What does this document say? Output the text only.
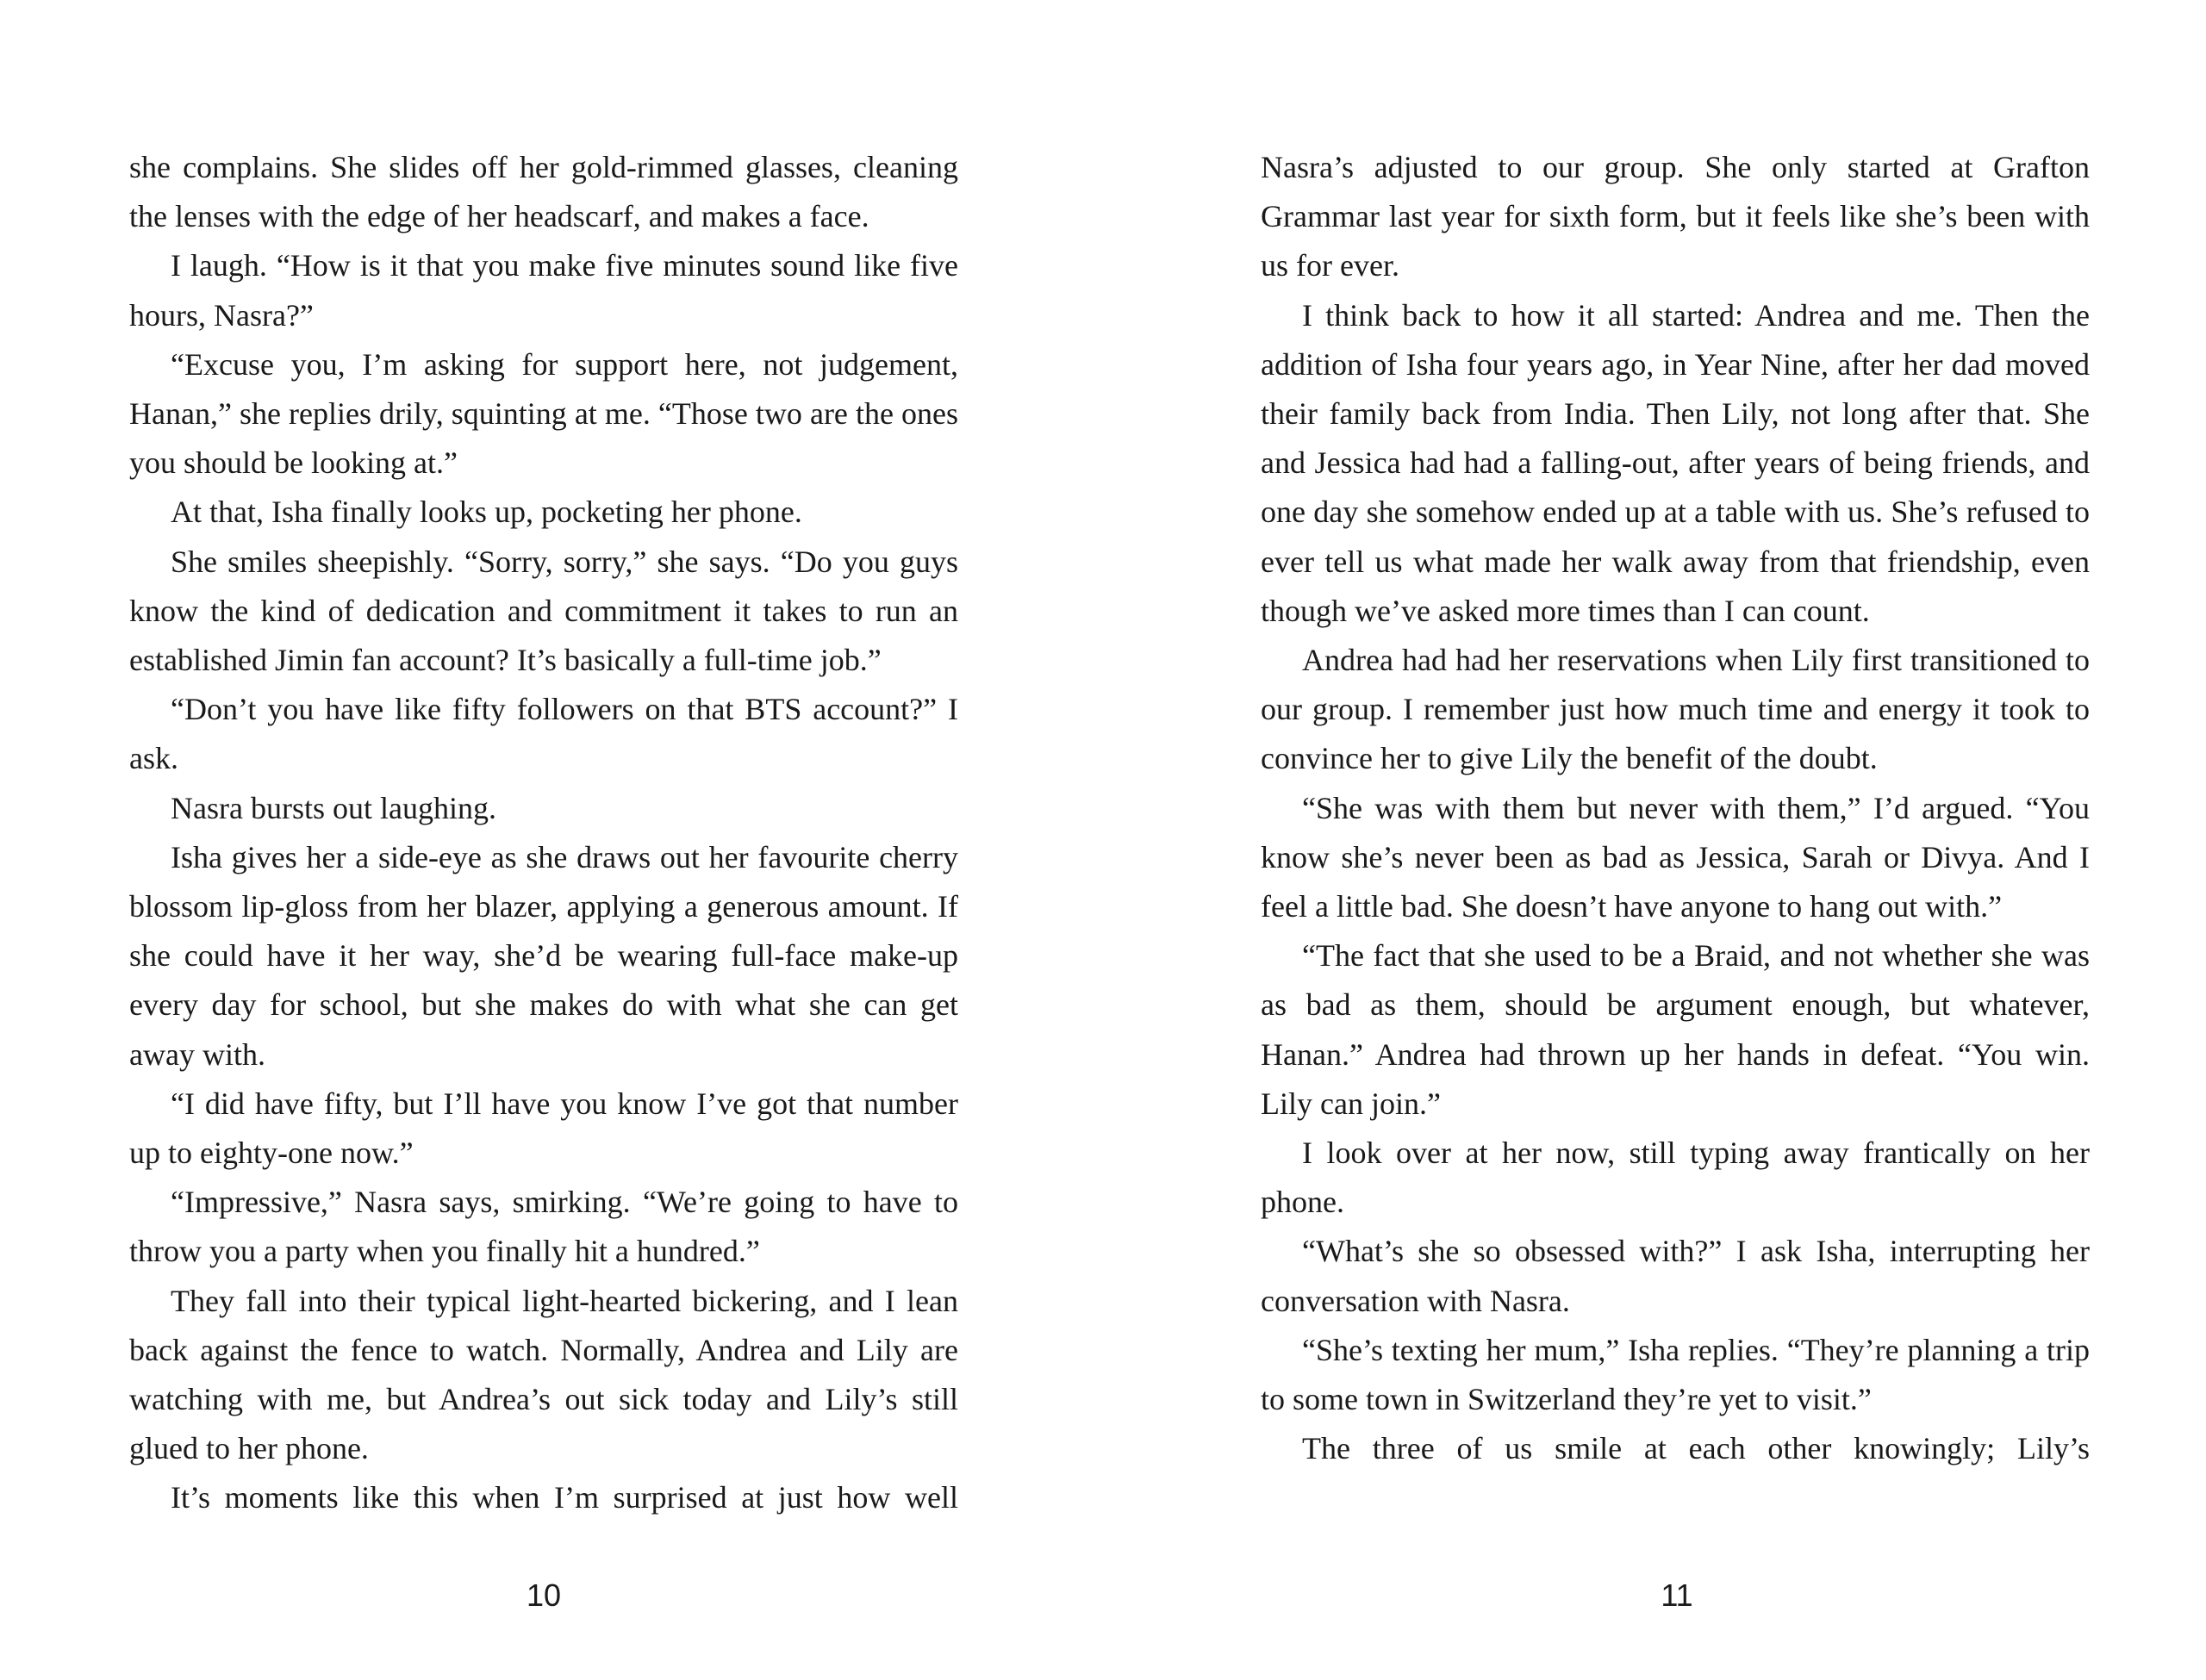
she complains. She slides off her gold-rimmed glasses, cleaning the lenses with the edge of her headscarf, and makes a face.

I laugh. “How is it that you make five minutes sound like five hours, Nasra?”

“Excuse you, I’m asking for support here, not judgement, Hanan,” she replies drily, squinting at me. “Those two are the ones you should be looking at.”

At that, Isha finally looks up, pocketing her phone.

She smiles sheepishly. “Sorry, sorry,” she says. “Do you guys know the kind of dedication and commitment it takes to run an established Jimin fan account? It’s basically a full-time job.”

“Don’t you have like fifty followers on that BTS account?” I ask.

Nasra bursts out laughing.

Isha gives her a side-eye as she draws out her favourite cherry blossom lip-gloss from her blazer, applying a generous amount. If she could have it her way, she’d be wearing full-face make-up every day for school, but she makes do with what she can get away with.

“I did have fifty, but I’ll have you know I’ve got that number up to eighty-one now.”

“Impressive,” Nasra says, smirking. “We’re going to have to throw you a party when you finally hit a hundred.”

They fall into their typical light-hearted bickering, and I lean back against the fence to watch. Normally, Andrea and Lily are watching with me, but Andrea’s out sick today and Lily’s still glued to her phone.

It’s moments like this when I’m surprised at just how well

10

Nasra’s adjusted to our group. She only started at Grafton Grammar last year for sixth form, but it feels like she’s been with us for ever.

I think back to how it all started: Andrea and me. Then the addition of Isha four years ago, in Year Nine, after her dad moved their family back from India. Then Lily, not long after that. She and Jessica had had a falling-out, after years of being friends, and one day she somehow ended up at a table with us. She’s refused to ever tell us what made her walk away from that friendship, even though we’ve asked more times than I can count.

Andrea had had her reservations when Lily first transitioned to our group. I remember just how much time and energy it took to convince her to give Lily the benefit of the doubt.

“She was with them but never with them,” I’d argued. “You know she’s never been as bad as Jessica, Sarah or Divya. And I feel a little bad. She doesn’t have anyone to hang out with.”

“The fact that she used to be a Braid, and not whether she was as bad as them, should be argument enough, but whatever, Hanan.” Andrea had thrown up her hands in defeat. “You win. Lily can join.”

I look over at her now, still typing away frantically on her phone.

“What’s she so obsessed with?” I ask Isha, interrupting her conversation with Nasra.

“She’s texting her mum,” Isha replies. “They’re planning a trip to some town in Switzerland they’re yet to visit.”

The three of us smile at each other knowingly; Lily’s

11
